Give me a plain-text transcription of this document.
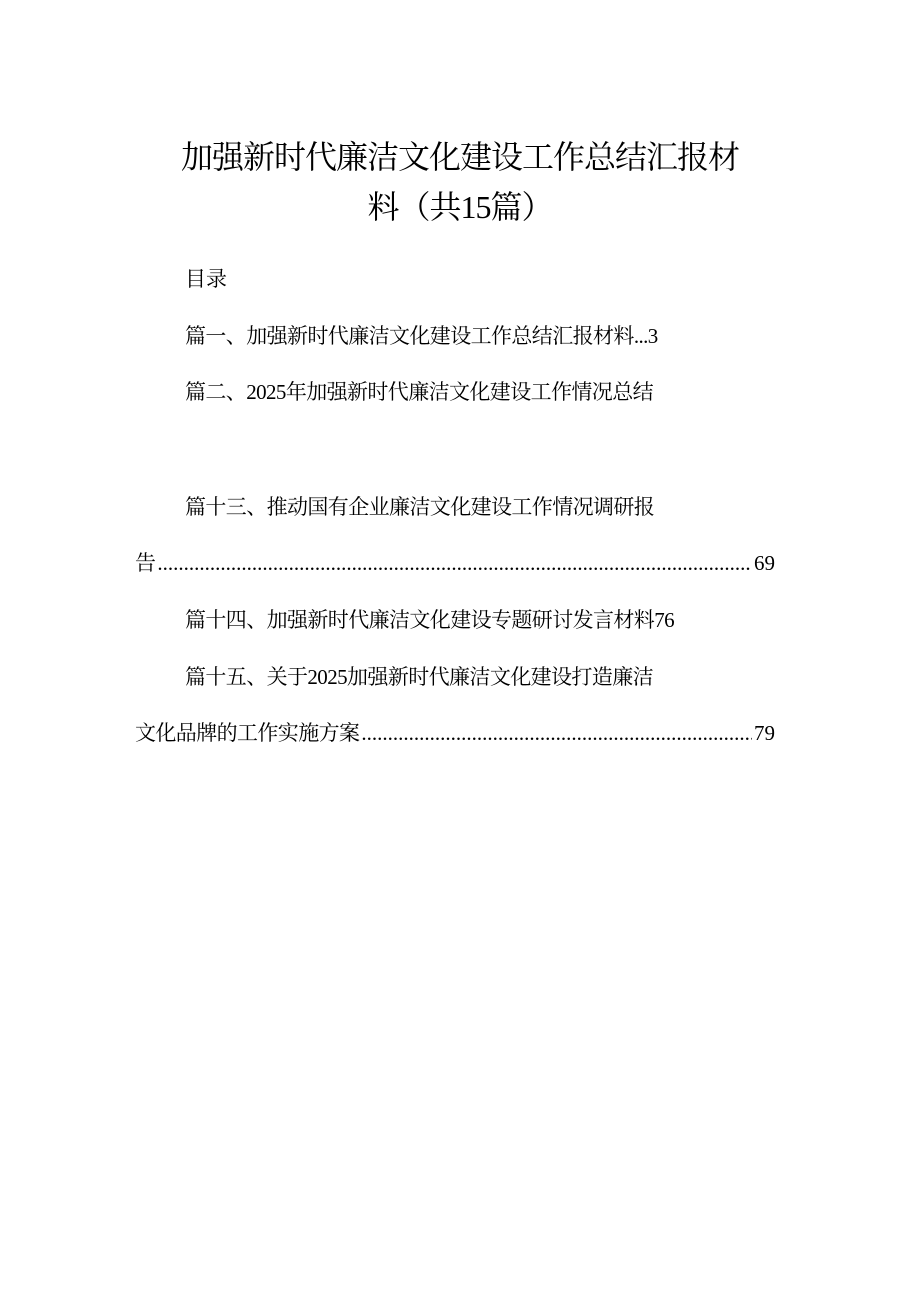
加强新时代廉洁文化建设工作总结汇报材
料（共15篇）
目录
篇一、加强新时代廉洁文化建设工作总结汇报材料...3
篇二、2025年加强新时代廉洁文化建设工作情况总结
篇十三、推动国有企业廉洁文化建设工作情况调研报
告 .....	69
篇十四、加强新时代廉洁文化建设专题研讨发言材料76
篇十五、关于2025加强新时代廉洁文化建设打造廉洁
文化品牌的工作实施方案 .....	79
